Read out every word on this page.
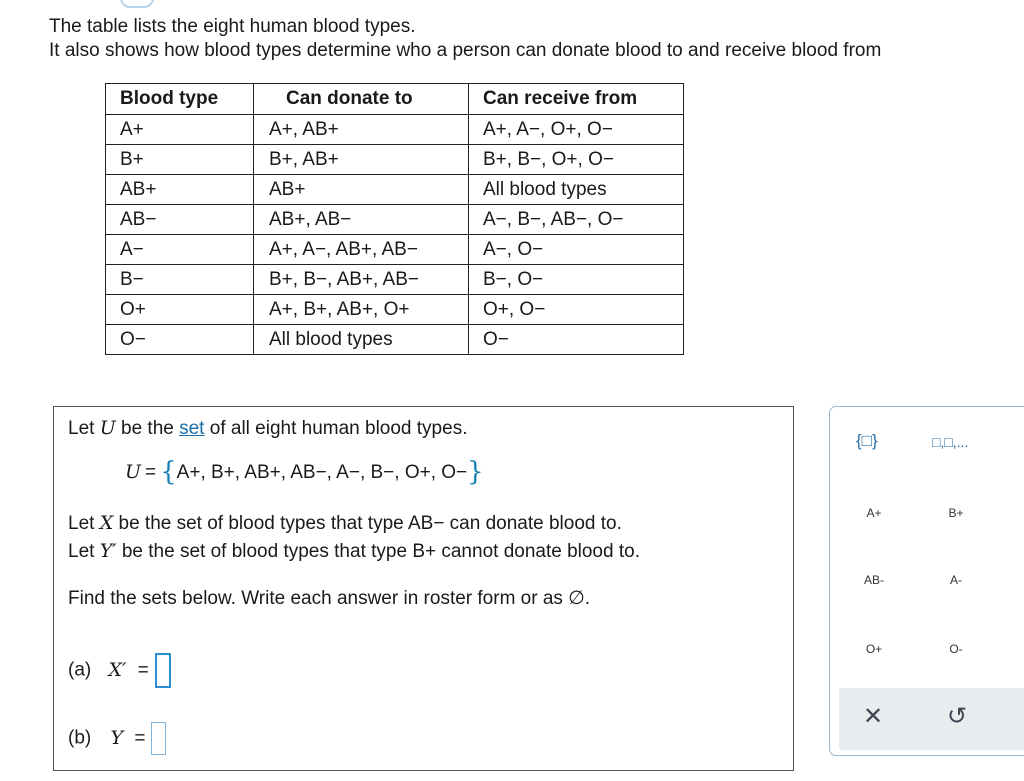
The table lists the eight human blood types.
It also shows how blood types determine who a person can donate blood to and receive blood from
Blood type	Can donate to	Can receive from
A+	A+, AB+	A+, A−, O+, O−
B+	B+, AB+	B+, B−, O+, O−
AB+	AB+	All blood types
AB−	AB+, AB−	A−, B−, AB−, O−
A−	A+, A−, AB+, AB−	A−, O−
B−	B+, B−, AB+, AB−	B−, O−
O+	A+, B+, AB+, O+	O+, O−
O−	All blood types	O−
Let U be the set of all eight human blood types.
U = {A+, B+, AB+, AB−, A−, B−, O+, O−}
Let X be the set of blood types that type AB− can donate blood to.
Let Y′ be the set of blood types that type B+ cannot donate blood to.
Find the sets below. Write each answer in roster form or as ∅.
(a) X′ =
(b) Y =
{□}	□,□,...
A+	B+
AB-	A-
O+	O-
✕	↺
